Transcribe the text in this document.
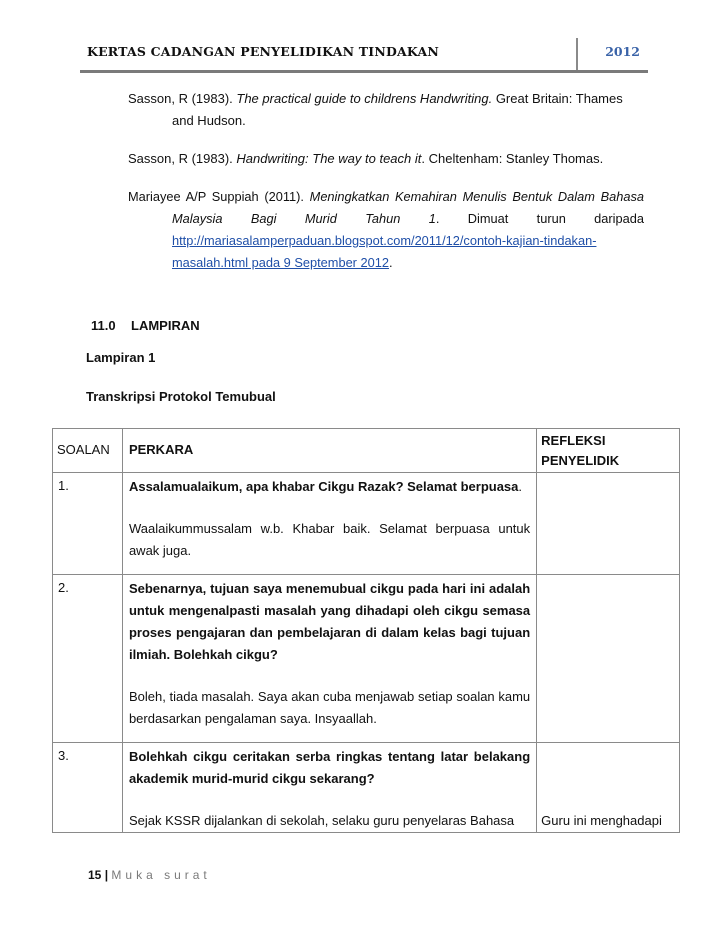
KERTAS CADANGAN PENYELIDIKAN TINDAKAN	2012
Sasson, R (1983). The practical guide to childrens Handwriting. Great Britain: Thames
and Hudson.
Sasson, R (1983). Handwriting: The way to teach it. Cheltenham: Stanley Thomas.
Mariayee A/P Suppiah (2011). Meningkatkan Kemahiran Menulis Bentuk Dalam Bahasa
Malaysia Bagi Murid Tahun 1. Dimuat turun daripada
http://mariasalamperpaduan.blogspot.com/2011/12/contoh-kajian-tindakan-
masalah.html pada 9 September 2012.
11.0 LAMPIRAN
Lampiran 1
Transkripsi Protokol Temubual
SOALAN	PERKARA	REFLEKSI PENYELIDIK
1.	Assalamualaikum, apa khabar Cikgu Razak? Selamat berpuasa.

Waalaikummussalam w.b. Khabar baik. Selamat berpuasa untuk awak juga.	

2.	Sebenarnya, tujuan saya menemubual cikgu pada hari ini adalah untuk mengenalpasti masalah yang dihadapi oleh cikgu semasa proses pengajaran dan pembelajaran di dalam kelas bagi tujuan ilmiah. Bolehkah cikgu?

Boleh, tiada masalah. Saya akan cuba menjawab setiap soalan kamu berdasarkan pengalaman saya. Insyaallah.	

3.	Bolehkah cikgu ceritakan serba ringkas tentang latar belakang akademik murid-murid cikgu sekarang?

Sejak KSSR dijalankan di sekolah, selaku guru penyelaras Bahasa	Guru ini menghadapi
15 | Muka surat
